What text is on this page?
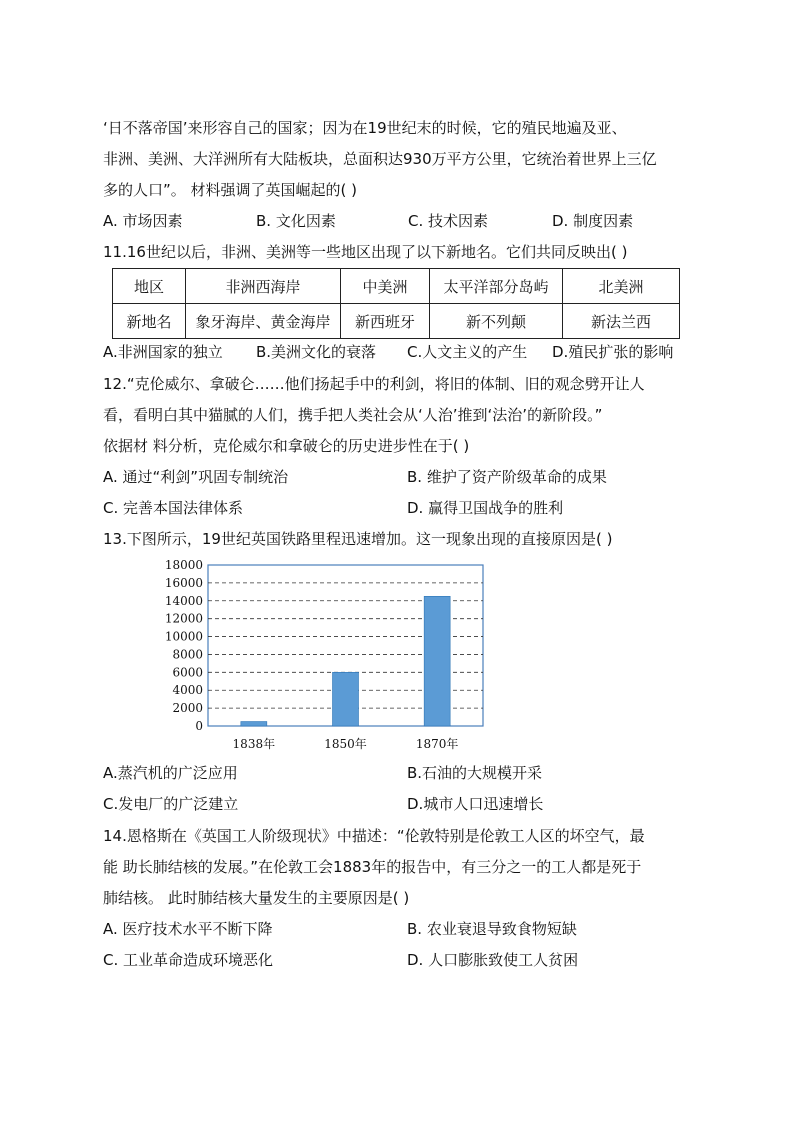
‘日不落帝国’来形容自己的国家；因为在19世纪末的时候，它的殖民地遍及亚、
非洲、美洲、大洋洲所有大陆板块，总面积达930万平方公里，它统治着世界上三亿
多的人口”。 材料强调了英国崛起的( )
A. 市场因素	B. 文化因素	C. 技术因素	D. 制度因素
11.16世纪以后，非洲、美洲等一些地区出现了以下新地名。它们共同反映出( )
地区	非洲西海岸	中美洲	太平洋部分岛屿	北美洲
新地名	象牙海岸、黄金海岸	新西班牙	新不列颠	新法兰西
A.非洲国家的独立 B.美洲文化的衰落 C.人文主义的产生 D.殖民扩张的影响
12.“克伦威尔、拿破仑……他们扬起手中的利剑，将旧的体制、旧的观念劈开让人
看，看明白其中猫腻的人们，携手把人类社会从‘人治’推到‘法治’的新阶段。”
依据材 料分析，克伦威尔和拿破仑的历史进步性在于( )
A. 通过“利剑”巩固专制统治	B. 维护了资产阶级革命的成果
C. 完善本国法律体系	D. 赢得卫国战争的胜利
13.下图所示，19世纪英国铁路里程迅速增加。这一现象出现的直接原因是( )
0
2000
4000
6000
8000
10000
12000
14000
16000
18000
1838年	1850年	1870年
A.蒸汽机的广泛应用	B.石油的大规模开采
C.发电厂的广泛建立	D.城市人口迅速增长
14.恩格斯在《英国工人阶级现状》中描述：“伦敦特别是伦敦工人区的坏空气，最
能 助长肺结核的发展。”在伦敦工会1883年的报告中，有三分之一的工人都是死于
肺结核。 此时肺结核大量发生的主要原因是( )
A. 医疗技术水平不断下降	B. 农业衰退导致食物短缺
C. 工业革命造成环境恶化	D. 人口膨胀致使工人贫困
